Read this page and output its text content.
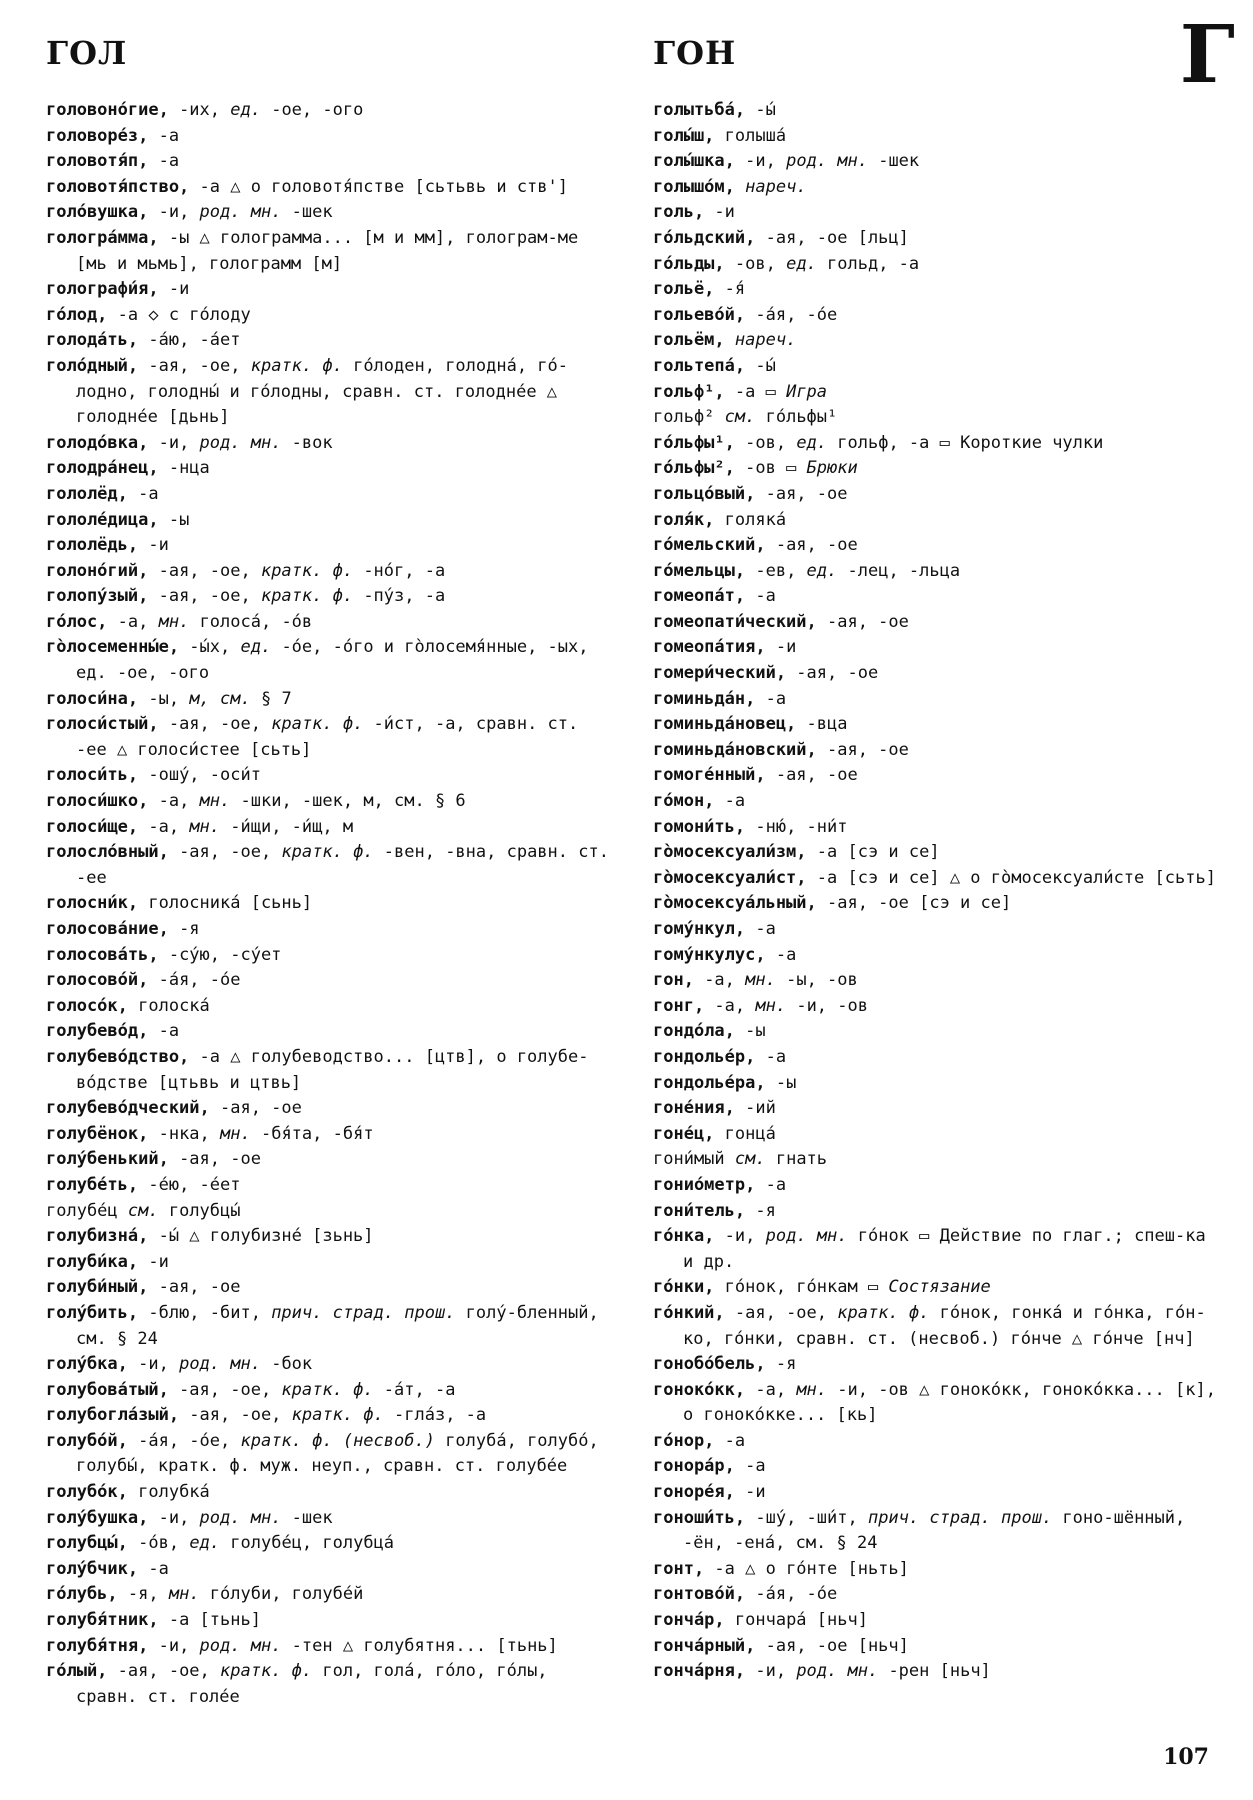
ГОЛ	ГОН	Г

головоно́гие, -их, ед. -ое, -ого

головоре́з, -а

головотя́п, -а

головотя́пство, -а △ о головотя́пстве [сьтьвь и ств']

голо́вушка, -и, род. мн. -шек

гологра́мма, -ы △ голограмма... [м и мм], голограм-ме [мь и мьмь], голограмм [м]

голографи́я, -и

го́лод, -а ◇ с го́лоду

голода́ть, -а́ю, -а́ет

голо́дный, -ая, -ое, кратк. ф. го́лоден, голодна́, го́-лодно, голодны́ и го́лодны, сравн. ст. голодне́е △ голодне́е [дьнь]

голодо́вка, -и, род. мн. -вок

голодра́нец, -нца

гололёд, -а

гололе́дица, -ы

гололёдь, -и

голоно́гий, -ая, -ое, кратк. ф. -но́г, -а

голопу́зый, -ая, -ое, кратк. ф. -пу́з, -а

го́лос, -а, мн. голоса́, -о́в

го̀лосеменны́е, -ы́х, ед. -о́е, -о́го и го̀лосемя́нные, -ых, ед. -ое, -ого

голоси́на, -ы, м, см. § 7

голоси́стый, -ая, -ое, кратк. ф. -и́ст, -а, сравн. ст. -ее △ голоси́стее [сьть]

голоси́ть, -ошу́, -оси́т

голоси́шко, -а, мн. -шки, -шек, м, см. § 6

голоси́ще, -а, мн. -и́щи, -и́щ, м

голосло́вный, -ая, -ое, кратк. ф. -вен, -вна, сравн. ст. -ее

голосни́к, голосника́ [сьнь]

голосова́ние, -я

голосова́ть, -су́ю, -су́ет

голосово́й, -а́я, -о́е

голосо́к, голоска́

голубево́д, -а

голубево́дство, -а △ голубеводство... [цтв], о голубе-во́дстве [цтьвь и цтвь]

голубево́дческий, -ая, -ое

голубёнок, -нка, мн. -бя́та, -бя́т

голу́бенький, -ая, -ое

голубе́ть, -е́ю, -е́ет

голубе́ц см. голубцы́

голубизна́, -ы́ △ голубизне́ [зьнь]

голуби́ка, -и

голуби́ный, -ая, -ое

голу́бить, -блю, -бит, прич. страд. прош. голу́-бленный, см. § 24

голу́бка, -и, род. мн. -бок

голубова́тый, -ая, -ое, кратк. ф. -а́т, -а

голубогла́зый, -ая, -ое, кратк. ф. -гла́з, -а

голубо́й, -а́я, -о́е, кратк. ф. (несвоб.) голуба́, голубо́, голубы́, кратк. ф. муж. неуп., сравн. ст. голубе́е

голубо́к, голубка́

голу́бушка, -и, род. мн. -шек

голубцы́, -о́в, ед. голубе́ц, голубца́

голу́бчик, -а

го́лубь, -я, мн. го́луби, голубе́й

голубя́тник, -а [тьнь]

голубя́тня, -и, род. мн. -тен △ голубятня... [тьнь]

го́лый, -ая, -ое, кратк. ф. гол, гола́, го́ло, го́лы, сравн. ст. голе́е

голытьба́, -ы́

голы́ш, голыша́

голы́шка, -и, род. мн. -шек

голышо́м, нареч.

голь, -и

го́льдский, -ая, -ое [льц]

го́льды, -ов, ед. гольд, -а

гольё, -я́

гольево́й, -а́я, -о́е

гольём, нареч.

гольтепа́, -ы́

гольф¹, -а ▭ Игра

гольф² см. го́льфы¹

го́льфы¹, -ов, ед. гольф, -а ▭ Короткие чулки

го́льфы², -ов ▭ Брюки

гольцо́вый, -ая, -ое

голя́к, голяка́

го́мельский, -ая, -ое

го́мельцы, -ев, ед. -лец, -льца

гомеопа́т, -а

гомеопати́ческий, -ая, -ое

гомеопа́тия, -и

гомери́ческий, -ая, -ое

гоминьда́н, -а

гоминьда́новец, -вца

гоминьда́новский, -ая, -ое

гомоге́нный, -ая, -ое

го́мон, -а

гомони́ть, -ню́, -ни́т

го̀мосексуали́зм, -а [сэ и се]

го̀мосексуали́ст, -а [сэ и се] △ о го̀мосексуали́сте [сьть]

го̀мосексуа́льный, -ая, -ое [сэ и се]

гому́нкул, -а

гому́нкулус, -а

гон, -а, мн. -ы, -ов

гонг, -а, мн. -и, -ов

гондо́ла, -ы

гондолье́р, -а

гондолье́ра, -ы

гоне́ния, -ий

гоне́ц, гонца́

гони́мый см. гнать

гонио́метр, -а

гони́тель, -я

го́нка, -и, род. мн. го́нок ▭ Действие по глаг.; спеш-ка и др.

го́нки, го́нок, го́нкам ▭ Состязание

го́нкий, -ая, -ое, кратк. ф. го́нок, гонка́ и го́нка, го́н-ко, го́нки, сравн. ст. (несвоб.) го́нче △ го́нче [нч]

гонобо́бель, -я

гоноко́кк, -а, мн. -и, -ов △ гоноко́кк, гоноко́кка... [к], о гоноко́кке... [кь]

го́нор, -а

гонора́р, -а

гоноре́я, -и

гоноши́ть, -шу́, -ши́т, прич. страд. прош. гоно-шённый, -ён, -ена́, см. § 24

гонт, -а △ о го́нте [ньть]

гонтово́й, -а́я, -о́е

гонча́р, гончара́ [ньч]

гонча́рный, -ая, -ое [ньч]

гонча́рня, -и, род. мн. -рен [ньч]

107
